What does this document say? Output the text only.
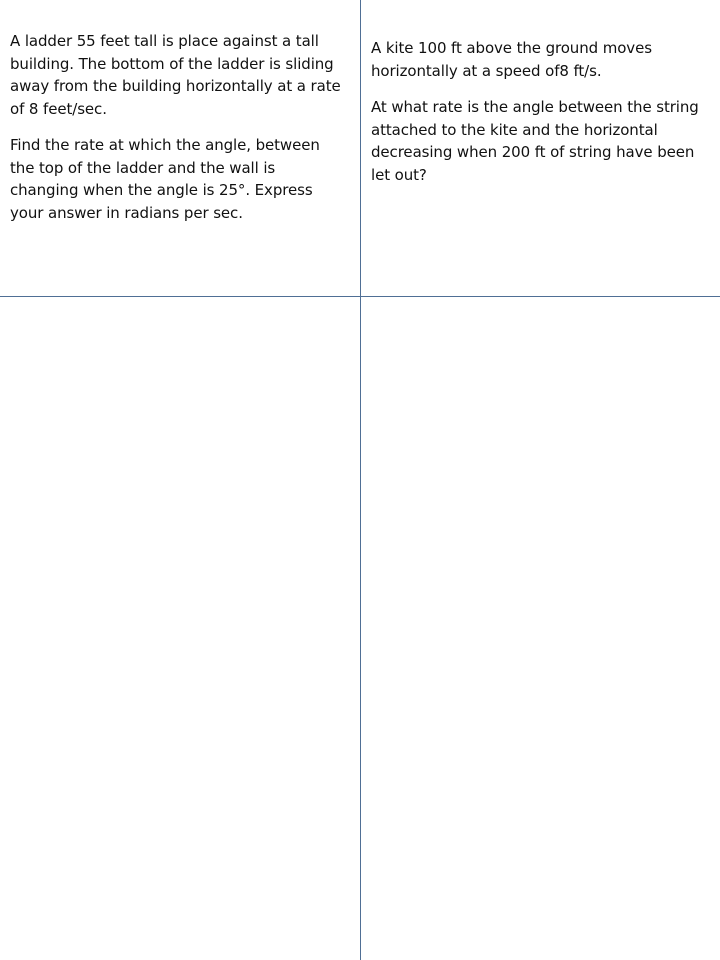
A ladder 55 feet tall is place against a tall building. The bottom of the ladder is sliding away from the building horizontally at a rate of 8 feet/sec.

Find the rate at which the angle, between the top of the ladder and the wall is changing when the angle is 25°. Express your answer in radians per sec.

A kite 100 ft above the ground moves horizontally at a speed of8 ft/s.

At what rate is the angle between the string attached to the kite and the horizontal decreasing when 200 ft of string have been let out?
